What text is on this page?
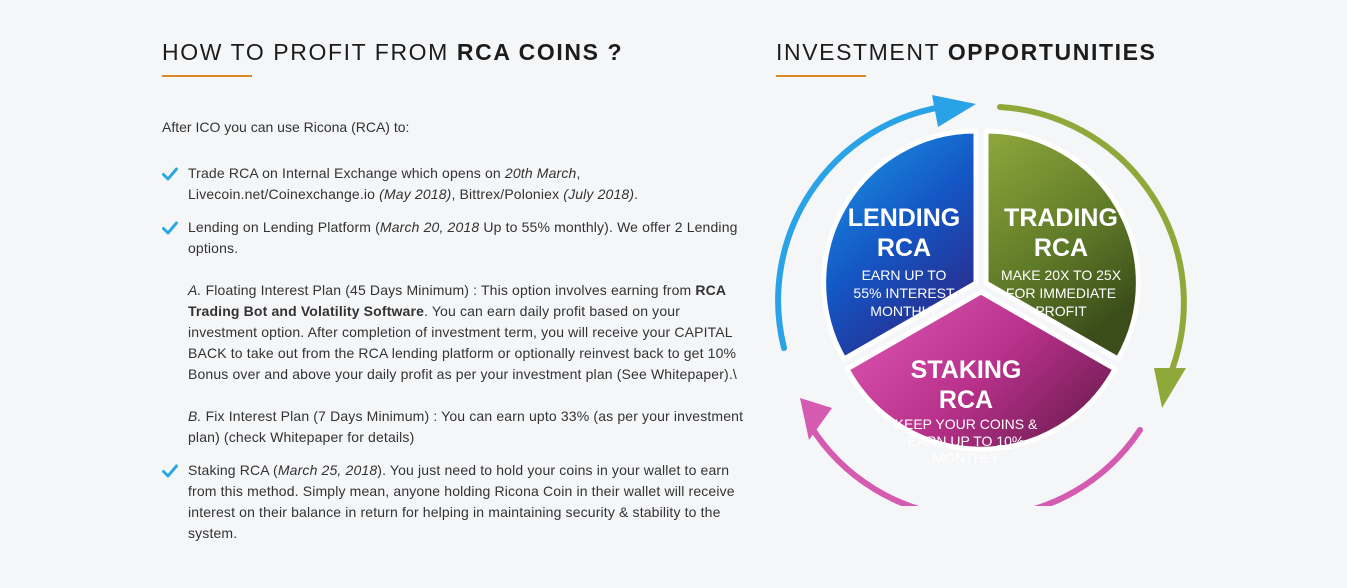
HOW TO PROFIT FROM RCA COINS ?
After ICO you can use Ricona (RCA) to:
Trade RCA on Internal Exchange which opens on 20th March, Livecoin.net/Coinexchange.io (May 2018), Bittrex/Poloniex (July 2018).
Lending on Lending Platform (March 20, 2018 Up to 55% monthly). We offer 2 Lending options.
A. Floating Interest Plan (45 Days Minimum) : This option involves earning from RCA Trading Bot and Volatility Software. You can earn daily profit based on your investment option. After completion of investment term, you will receive your CAPITAL BACK to take out from the RCA lending platform or optionally reinvest back to get 10% Bonus over and above your daily profit as per your investment plan (See Whitepaper).\
B. Fix Interest Plan (7 Days Minimum) : You can earn upto 33% (as per your investment plan) (check Whitepaper for details)
Staking RCA (March 25, 2018). You just need to hold your coins in your wallet to earn from this method. Simply mean, anyone holding Ricona Coin in their wallet will receive interest on their balance in return for helping in maintaining security & stability to the system.
INVESTMENT OPPORTUNITIES
LENDING
RCA
EARN UP TO
55% INTEREST
MONTHLY
TRADING
RCA
MAKE 20X TO 25X
FOR IMMEDIATE
PROFIT
STAKING
RCA
KEEP YOUR COINS &
EARN UP TO 10%
MONTHLY
